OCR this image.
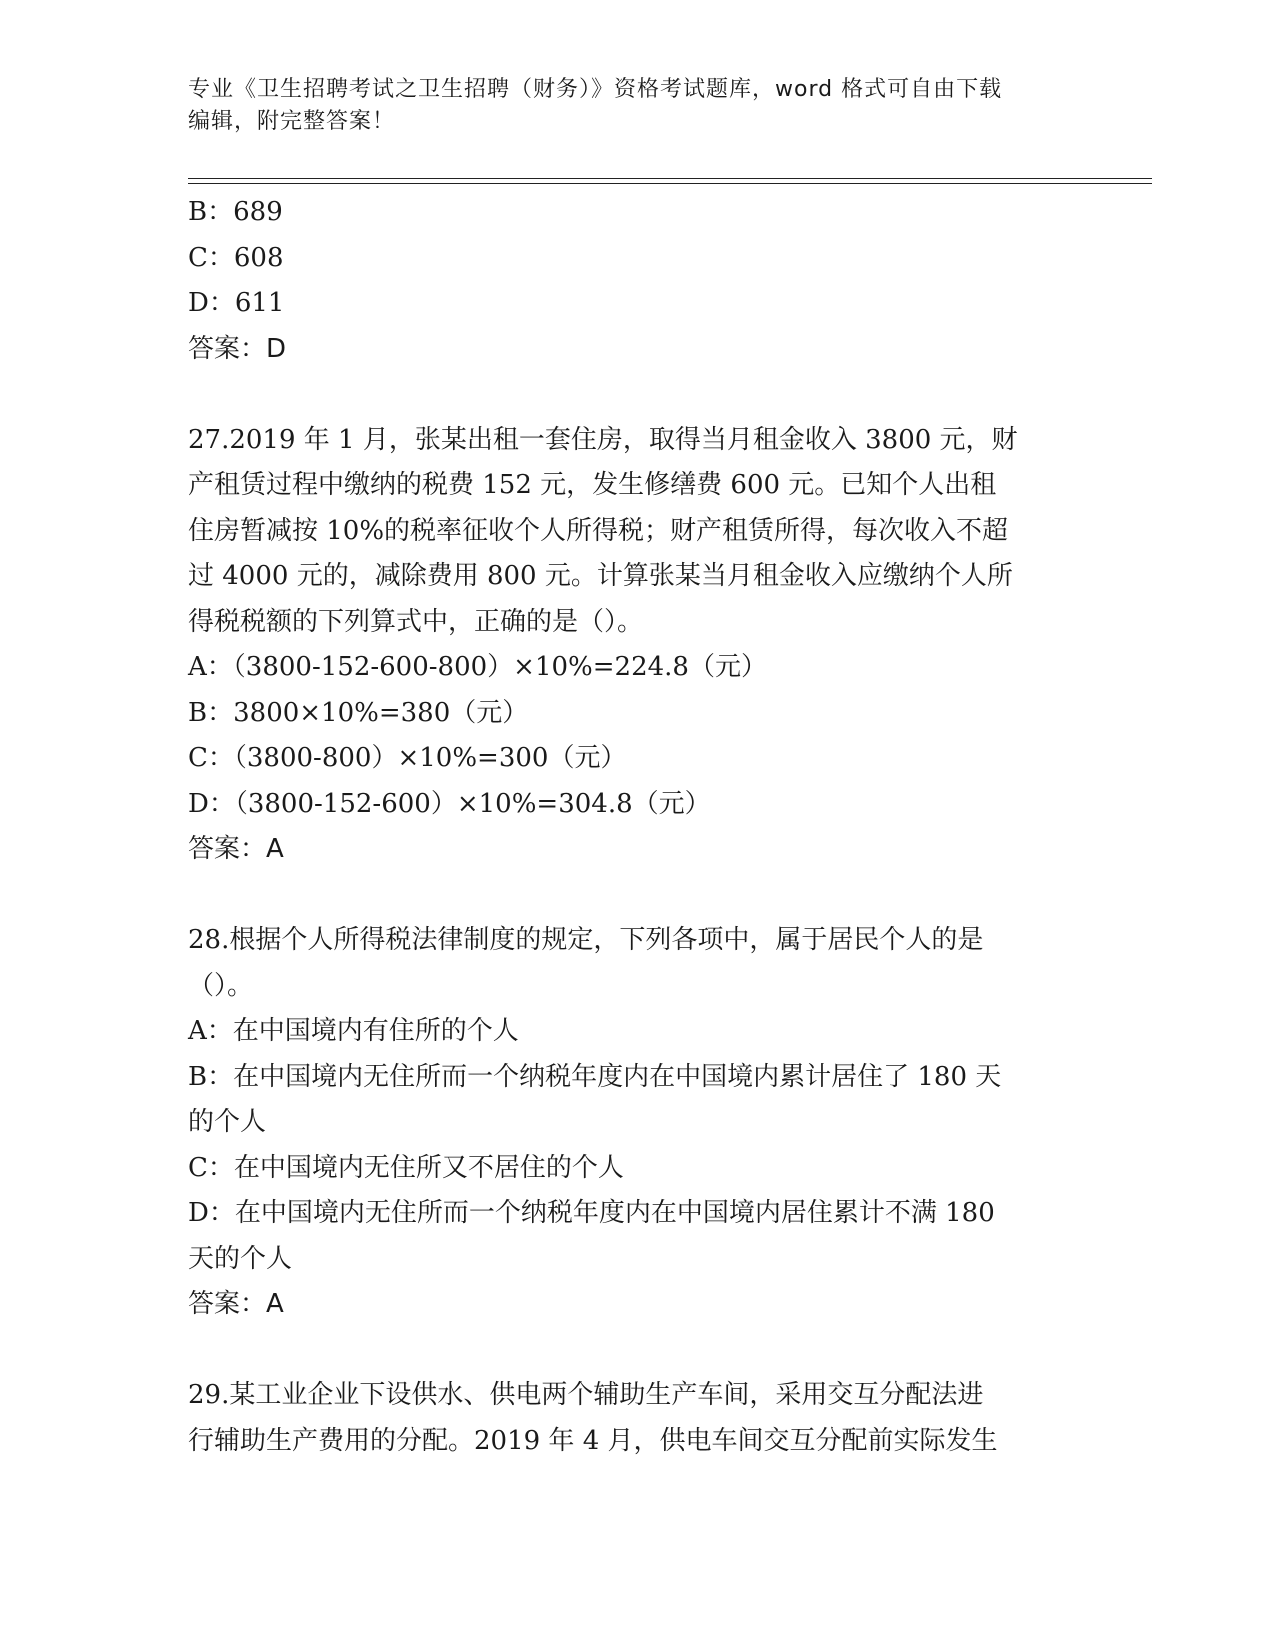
专业《卫生招聘考试之卫生招聘（财务）》资格考试题库，word 格式可自由下载

编辑，附完整答案！

B：689

C：608

D：611

答案：D

27.2019 年 1 月，张某出租一套住房，取得当月租金收入 3800 元，财

产租赁过程中缴纳的税费 152 元，发生修缮费 600 元。已知个人出租

住房暂减按 10%的税率征收个人所得税；财产租赁所得，每次收入不超

过 4000 元的，减除费用 800 元。计算张某当月租金收入应缴纳个人所

得税税额的下列算式中，正确的是（）。

A：（3800-152-600-800）×10%=224.8（元）

B：3800×10%=380（元）

C：（3800-800）×10%=300（元）

D：（3800-152-600）×10%=304.8（元）

答案：A

28.根据个人所得税法律制度的规定，下列各项中，属于居民个人的是

（）。

A：在中国境内有住所的个人

B：在中国境内无住所而一个纳税年度内在中国境内累计居住了 180 天

的个人

C：在中国境内无住所又不居住的个人

D：在中国境内无住所而一个纳税年度内在中国境内居住累计不满 180

天的个人

答案：A

29.某工业企业下设供水、供电两个辅助生产车间，采用交互分配法进

行辅助生产费用的分配。2019 年 4 月，供电车间交互分配前实际发生
